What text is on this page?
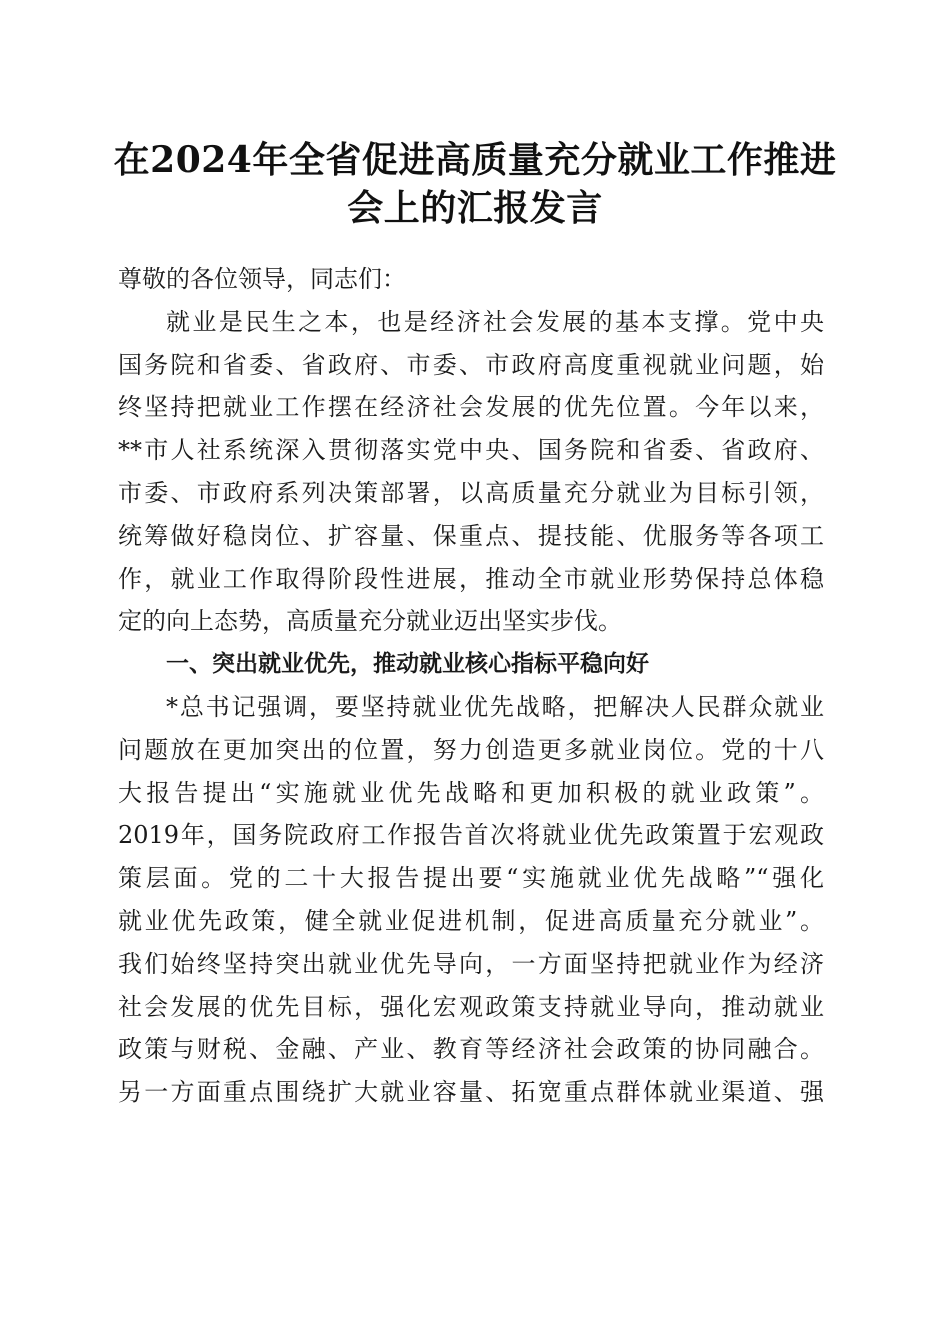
在2024年全省促进高质量充分就业工作推进
会上的汇报发言
尊敬的各位领导，同志们：
就业是民生之本，也是经济社会发展的基本支撑。党中央
国务院和省委、省政府、市委、市政府高度重视就业问题，始
终坚持把就业工作摆在经济社会发展的优先位置。今年以来，
**市人社系统深入贯彻落实党中央、国务院和省委、省政府、
市委、市政府系列决策部署，以高质量充分就业为目标引领，
统筹做好稳岗位、扩容量、保重点、提技能、优服务等各项工
作，就业工作取得阶段性进展，推动全市就业形势保持总体稳
定的向上态势，高质量充分就业迈出坚实步伐。
一、突出就业优先，推动就业核心指标平稳向好
*总书记强调，要坚持就业优先战略，把解决人民群众就业
问题放在更加突出的位置，努力创造更多就业岗位。党的十八
大报告提出“实施就业优先战略和更加积极的就业政策”。
2019年，国务院政府工作报告首次将就业优先政策置于宏观政
策层面。党的二十大报告提出要“实施就业优先战略”“强化
就业优先政策，健全就业促进机制，促进高质量充分就业”。
我们始终坚持突出就业优先导向，一方面坚持把就业作为经济
社会发展的优先目标，强化宏观政策支持就业导向，推动就业
政策与财税、金融、产业、教育等经济社会政策的协同融合。
另一方面重点围绕扩大就业容量、拓宽重点群体就业渠道、强
